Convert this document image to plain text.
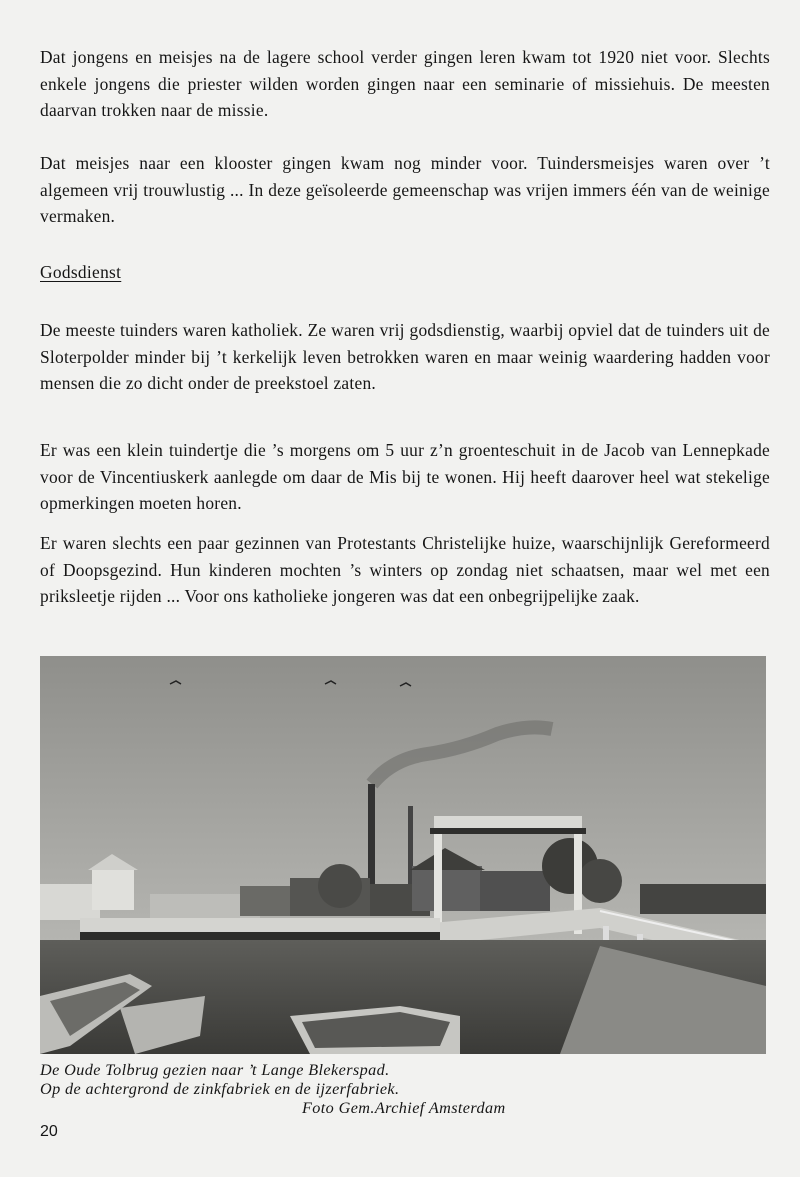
Dat jongens en meisjes na de lagere school verder gingen leren kwam tot 1920 niet voor. Slechts enkele jongens die priester wilden worden gingen naar een seminarie of missiehuis. De meesten daarvan trokken naar de missie.
Dat meisjes naar een klooster gingen kwam nog minder voor. Tuindersmeisjes waren over ’t algemeen vrij trouwlustig ... In deze geïsoleerde gemeenschap was vrijen immers één van de weinige vermaken.
Godsdienst
De meeste tuinders waren katholiek. Ze waren vrij godsdienstig, waarbij opviel dat de tuinders uit de Sloterpolder minder bij ’t kerkelijk leven betrokken waren en maar weinig waardering hadden voor mensen die zo dicht onder de preekstoel zaten.
Er was een klein tuindertje die ’s morgens om 5 uur z’n groenteschuit in de Jacob van Lennepkade voor de Vincentiuskerk aanlegde om daar de Mis bij te wonen. Hij heeft daarover heel wat stekelige opmerkingen moeten horen.
Er waren slechts een paar gezinnen van Protestants Christelijke huize, waarschijnlijk Gereformeerd of Doopsgezind. Hun kinderen mochten ’s winters op zondag niet schaatsen, maar wel met een priksleetje rijden ... Voor ons katholieke jongeren was dat een onbegrijpelijke zaak.
De Oude Tolbrug gezien naar ’t Lange Blekerspad.
Op de achtergrond de zinkfabriek en de ijzerfabriek.
Foto Gem.Archief Amsterdam
20
